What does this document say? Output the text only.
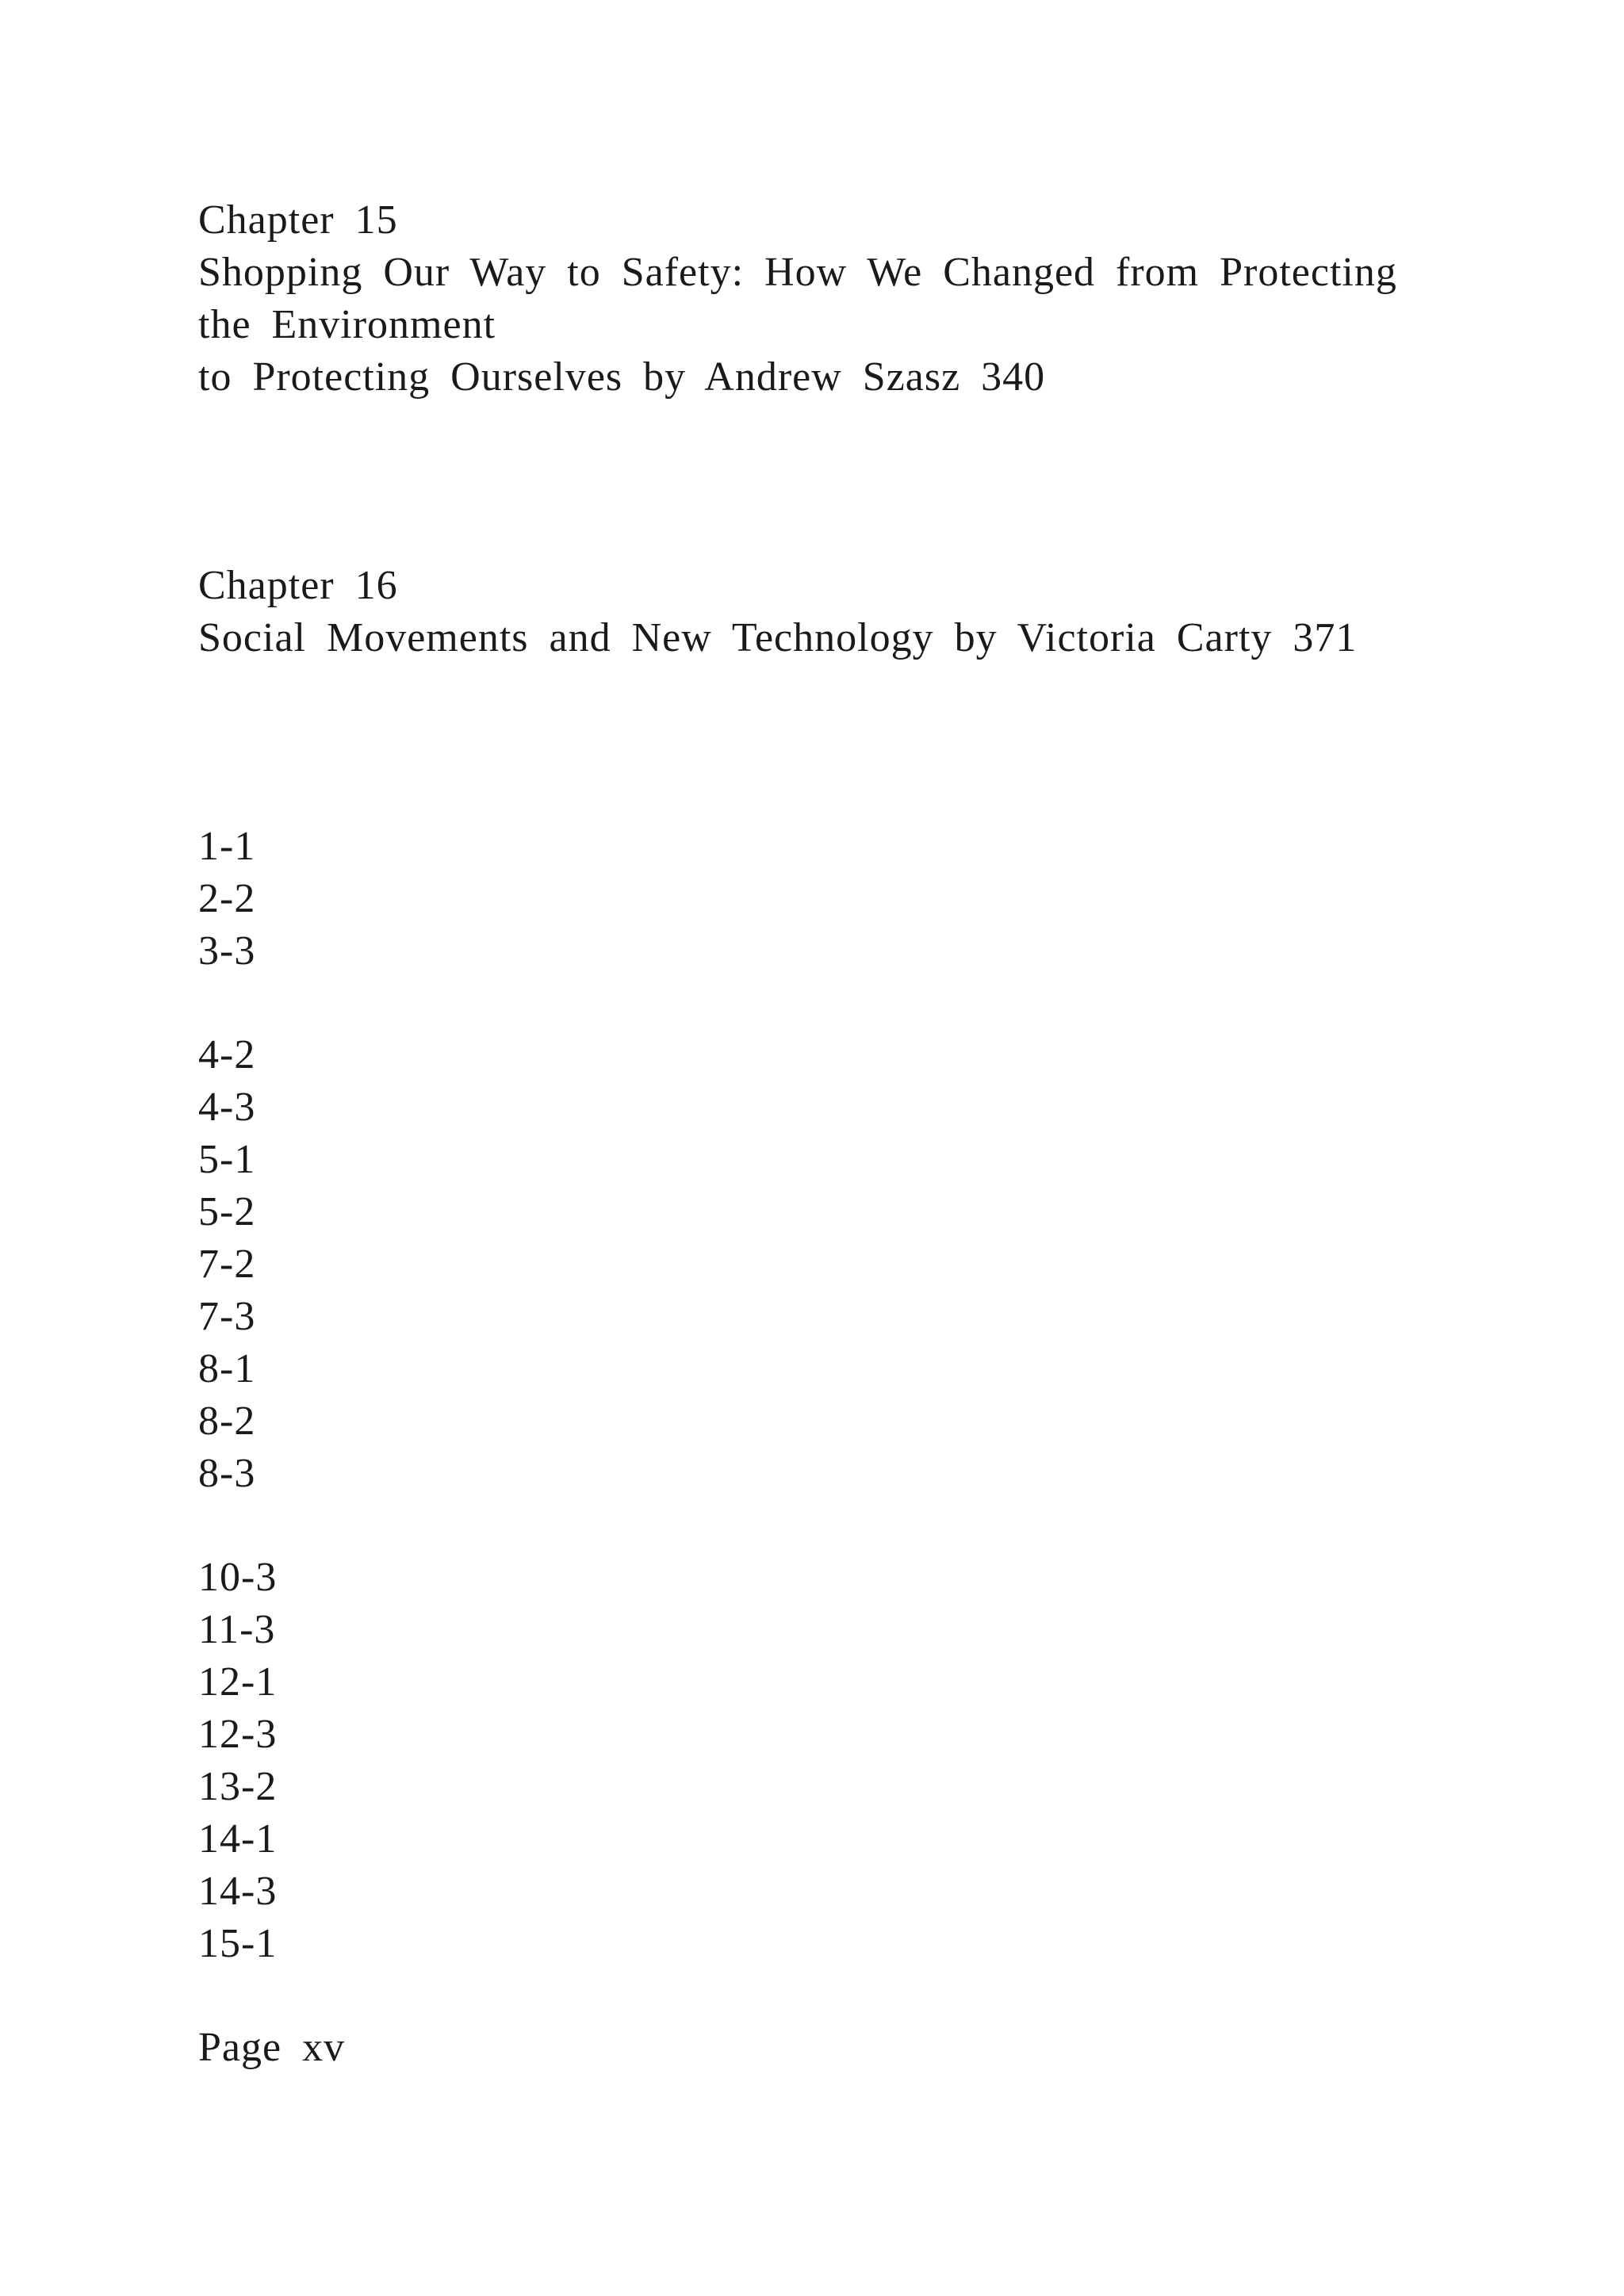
Chapter 15
Shopping Our Way to Safety: How We Changed from Protecting
the Environment
to Protecting Ourselves by Andrew Szasz 340
Chapter 16
Social Movements and New Technology by Victoria Carty 371
1-1
2-2
3-3
4-2
4-3
5-1
5-2
7-2
7-3
8-1
8-2
8-3
10-3
11-3
12-1
12-3
13-2
14-1
14-3
15-1
Page xv
